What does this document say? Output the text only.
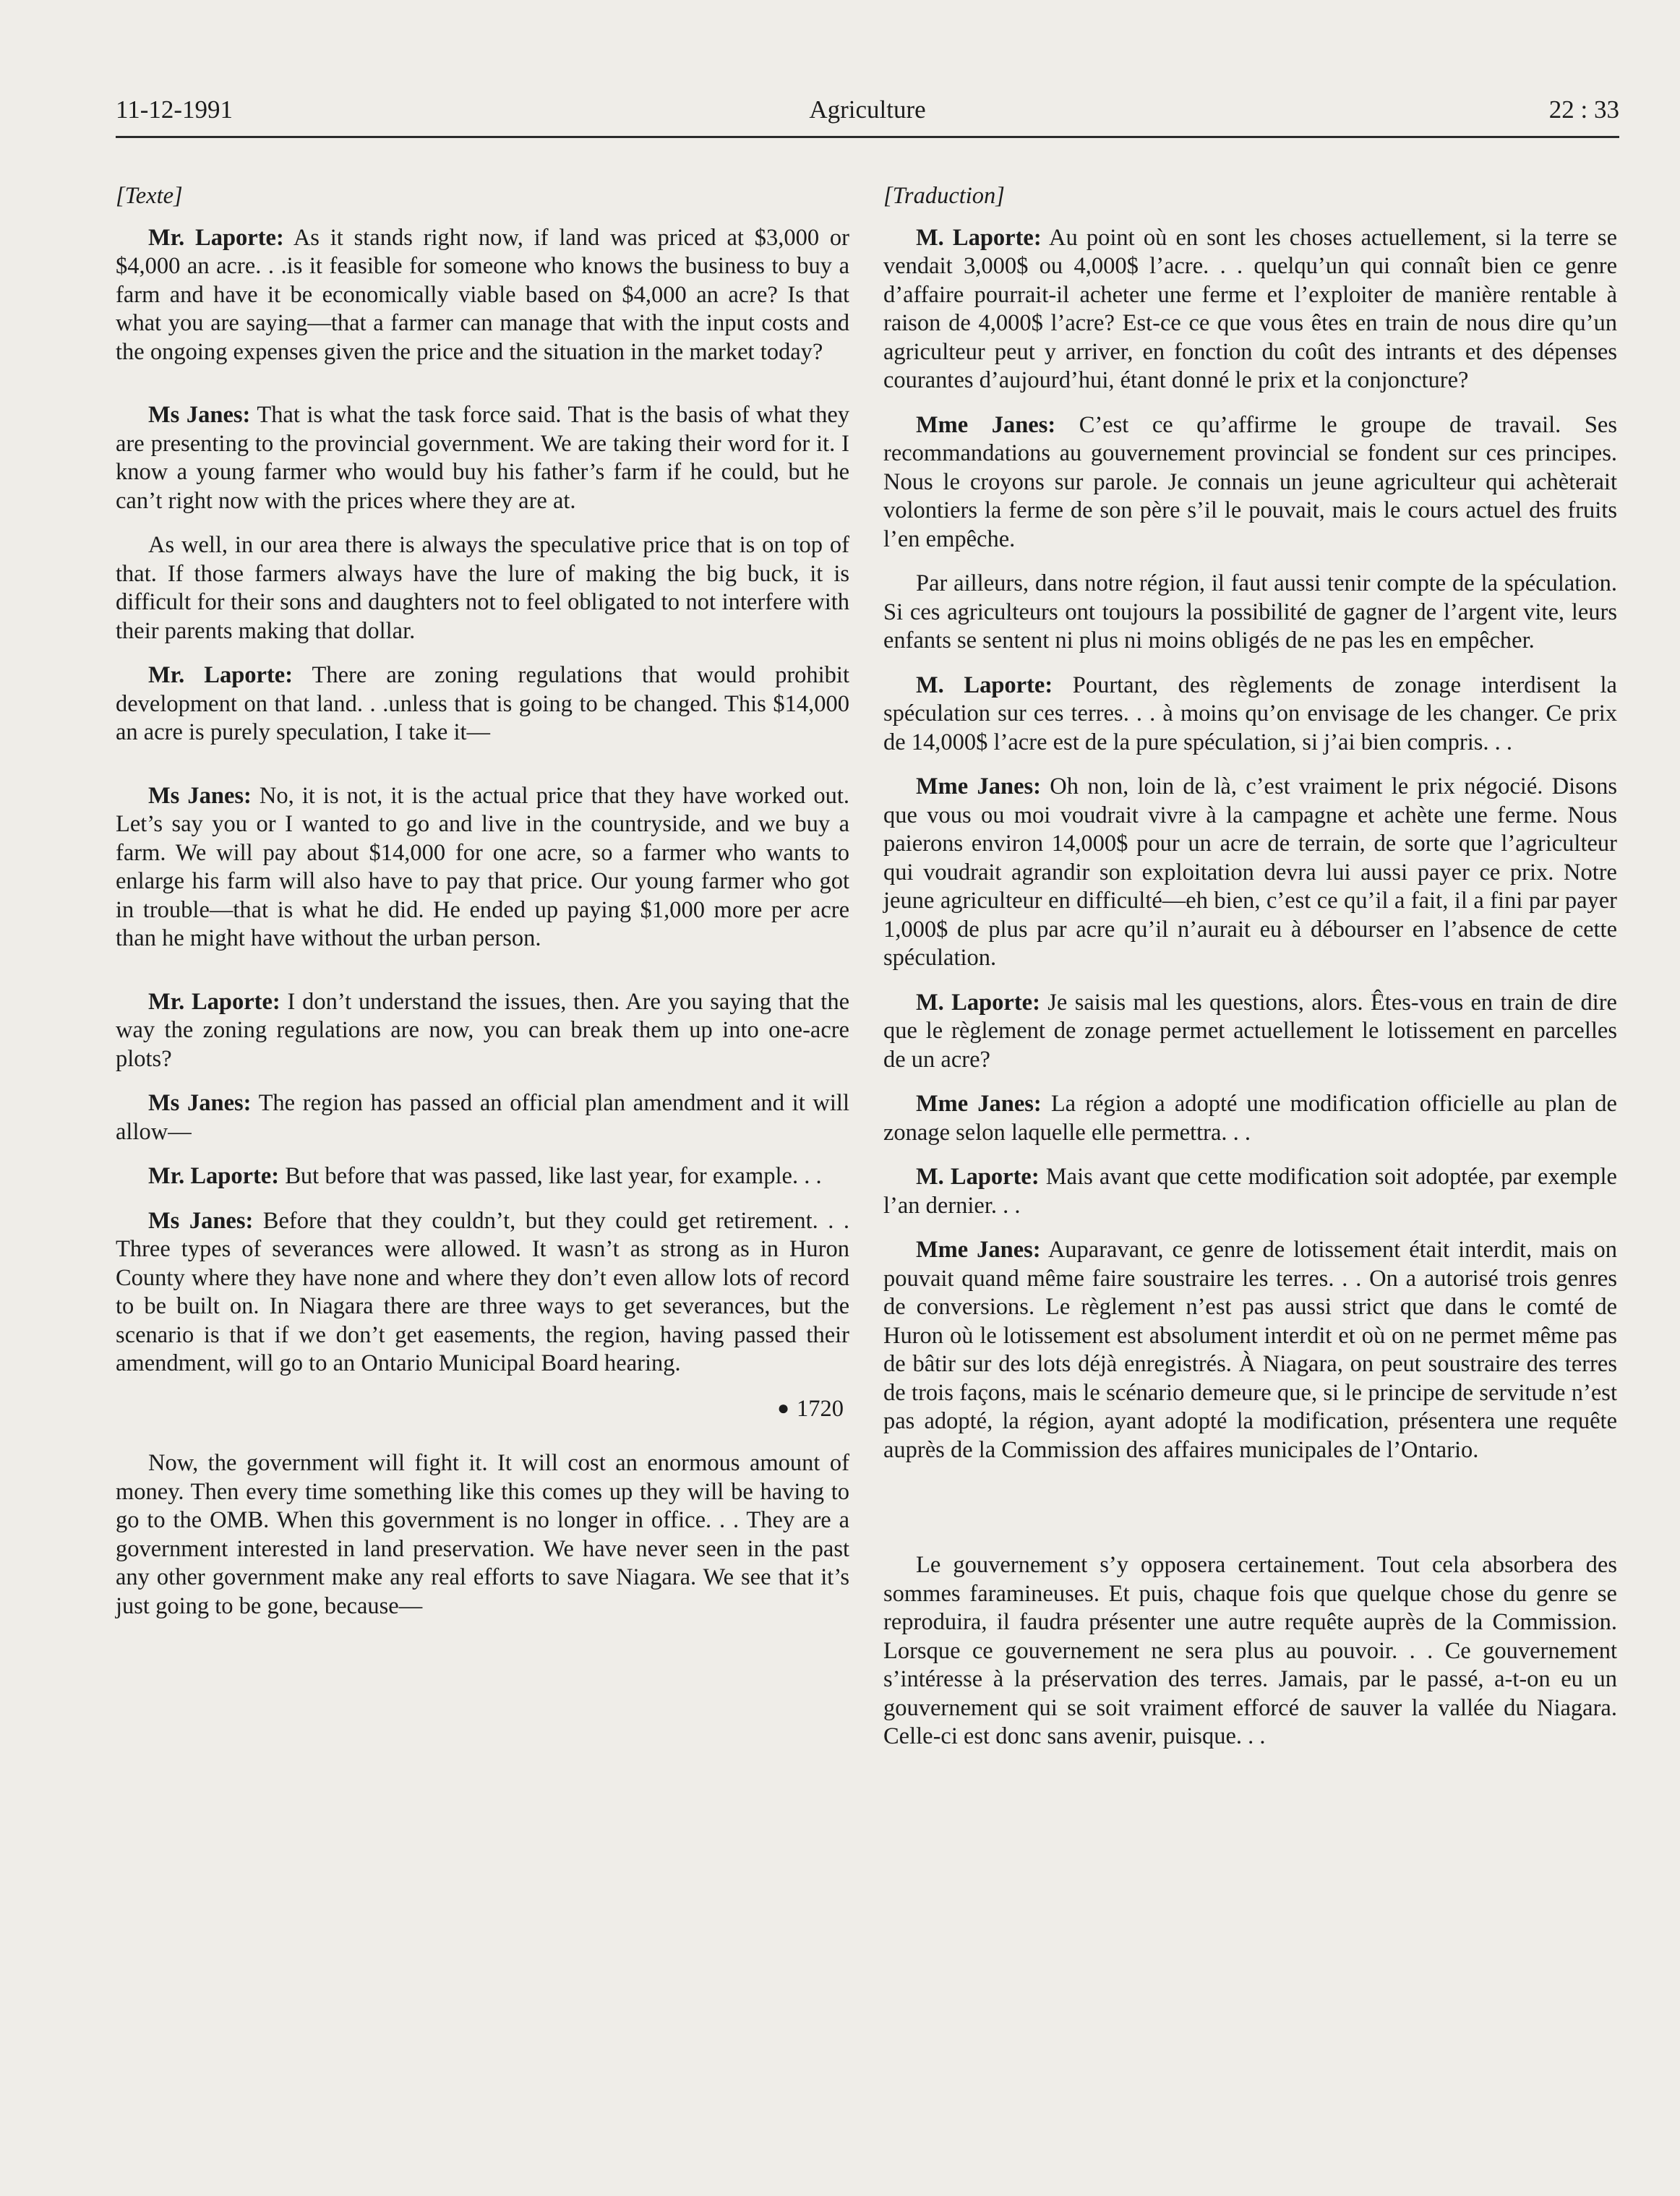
11-12-1991	Agriculture	22 : 33
[Texte]

Mr. Laporte: As it stands right now, if land was priced at $3,000 or $4,000 an acre. . .is it feasible for someone who knows the business to buy a farm and have it be economically viable based on $4,000 an acre? Is that what you are saying—that a farmer can manage that with the input costs and the ongoing expenses given the price and the situation in the market today?

Ms Janes: That is what the task force said. That is the basis of what they are presenting to the provincial government. We are taking their word for it. I know a young farmer who would buy his father’s farm if he could, but he can’t right now with the prices where they are at.

As well, in our area there is always the speculative price that is on top of that. If those farmers always have the lure of making the big buck, it is difficult for their sons and daughters not to feel obligated to not interfere with their parents making that dollar.

Mr. Laporte: There are zoning regulations that would prohibit development on that land. . .unless that is going to be changed. This $14,000 an acre is purely speculation, I take it—

Ms Janes: No, it is not, it is the actual price that they have worked out. Let’s say you or I wanted to go and live in the countryside, and we buy a farm. We will pay about $14,000 for one acre, so a farmer who wants to enlarge his farm will also have to pay that price. Our young farmer who got in trouble—that is what he did. He ended up paying $1,000 more per acre than he might have without the urban person.

Mr. Laporte: I don’t understand the issues, then. Are you saying that the way the zoning regulations are now, you can break them up into one-acre plots?

Ms Janes: The region has passed an official plan amendment and it will allow—

Mr. Laporte: But before that was passed, like last year, for example. . .

Ms Janes: Before that they couldn’t, but they could get retirement. . . Three types of severances were allowed. It wasn’t as strong as in Huron County where they have none and where they don’t even allow lots of record to be built on. In Niagara there are three ways to get severances, but the scenario is that if we don’t get easements, the region, having passed their amendment, will go to an Ontario Municipal Board hearing.

● 1720

Now, the government will fight it. It will cost an enormous amount of money. Then every time something like this comes up they will be having to go to the OMB. When this government is no longer in office. . . They are a government interested in land preservation. We have never seen in the past any other government make any real efforts to save Niagara. We see that it’s just going to be gone, because—

[Traduction]

M. Laporte: Au point où en sont les choses actuellement, si la terre se vendait 3,000$ ou 4,000$ l’acre. . . quelqu’un qui connaît bien ce genre d’affaire pourrait-il acheter une ferme et l’exploiter de manière rentable à raison de 4,000$ l’acre? Est-ce ce que vous êtes en train de nous dire qu’un agriculteur peut y arriver, en fonction du coût des intrants et des dépenses courantes d’aujourd’hui, étant donné le prix et la conjoncture?

Mme Janes: C’est ce qu’affirme le groupe de travail. Ses recommandations au gouvernement provincial se fondent sur ces principes. Nous le croyons sur parole. Je connais un jeune agriculteur qui achèterait volontiers la ferme de son père s’il le pouvait, mais le cours actuel des fruits l’en empêche.

Par ailleurs, dans notre région, il faut aussi tenir compte de la spéculation. Si ces agriculteurs ont toujours la possibilité de gagner de l’argent vite, leurs enfants se sentent ni plus ni moins obligés de ne pas les en empêcher.

M. Laporte: Pourtant, des règlements de zonage interdisent la spéculation sur ces terres. . . à moins qu’on envisage de les changer. Ce prix de 14,000$ l’acre est de la pure spéculation, si j’ai bien compris. . .

Mme Janes: Oh non, loin de là, c’est vraiment le prix négocié. Disons que vous ou moi voudrait vivre à la campagne et achète une ferme. Nous paierons environ 14,000$ pour un acre de terrain, de sorte que l’agriculteur qui voudrait agrandir son exploitation devra lui aussi payer ce prix. Notre jeune agriculteur en difficulté—eh bien, c’est ce qu’il a fait, il a fini par payer 1,000$ de plus par acre qu’il n’aurait eu à débourser en l’absence de cette spéculation.

M. Laporte: Je saisis mal les questions, alors. Êtes-vous en train de dire que le règlement de zonage permet actuellement le lotissement en parcelles de un acre?

Mme Janes: La région a adopté une modification officielle au plan de zonage selon laquelle elle permettra. . .

M. Laporte: Mais avant que cette modification soit adoptée, par exemple l’an dernier. . .

Mme Janes: Auparavant, ce genre de lotissement était interdit, mais on pouvait quand même faire soustraire les terres. . . On a autorisé trois genres de conversions. Le règlement n’est pas aussi strict que dans le comté de Huron où le lotissement est absolument interdit et où on ne permet même pas de bâtir sur des lots déjà enregistrés. À Niagara, on peut soustraire des terres de trois façons, mais le scénario demeure que, si le principe de servitude n’est pas adopté, la région, ayant adopté la modification, présentera une requête auprès de la Commission des affaires municipales de l’Ontario.

Le gouvernement s’y opposera certainement. Tout cela absorbera des sommes faramineuses. Et puis, chaque fois que quelque chose du genre se reproduira, il faudra présenter une autre requête auprès de la Commission. Lorsque ce gouvernement ne sera plus au pouvoir. . . Ce gouvernement s’intéresse à la préservation des terres. Jamais, par le passé, a-t-on eu un gouvernement qui se soit vraiment efforcé de sauver la vallée du Niagara. Celle-ci est donc sans avenir, puisque. . .
